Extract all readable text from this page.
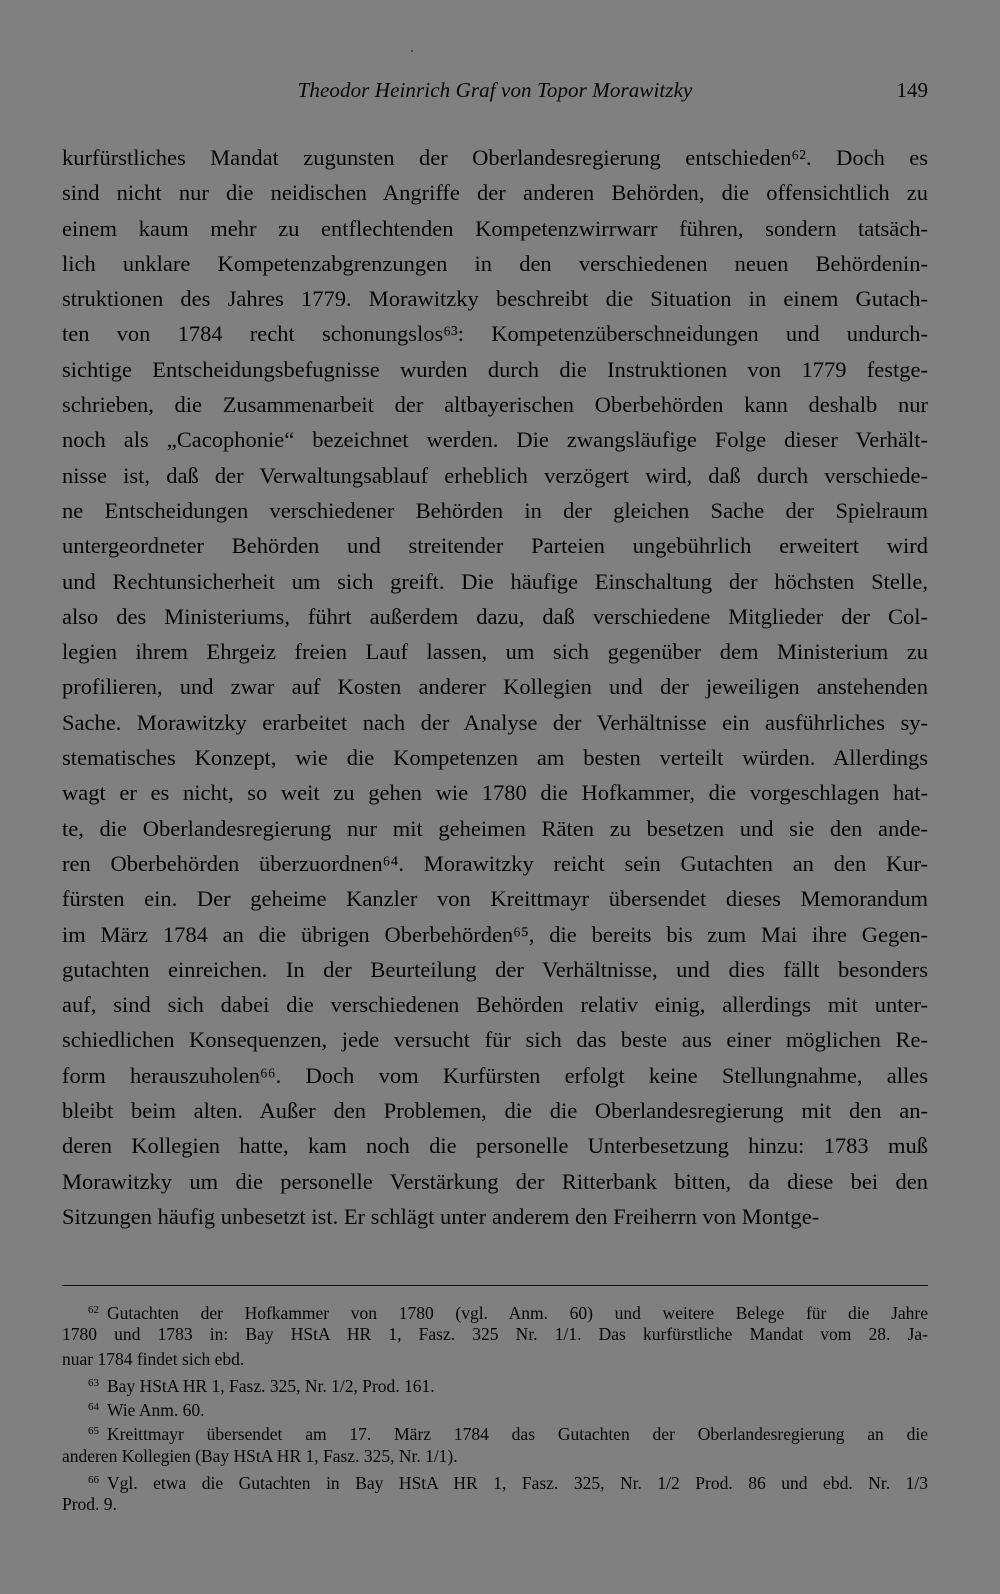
Theodor Heinrich Graf von Topor Morawitzky	149
kurfürstliches Mandat zugunsten der Oberlandesregierung entschieden⁶². Doch es
sind nicht nur die neidischen Angriffe der anderen Behörden, die offensichtlich zu
einem kaum mehr zu entflechtenden Kompetenzwirrwarr führen, sondern tatsäch-
lich unklare Kompetenzabgrenzungen in den verschiedenen neuen Behördenin-
struktionen des Jahres 1779. Morawitzky beschreibt die Situation in einem Gutach-
ten von 1784 recht schonungslos⁶³: Kompetenzüberschneidungen und undurch-
sichtige Entscheidungsbefugnisse wurden durch die Instruktionen von 1779 festge-
schrieben, die Zusammenarbeit der altbayerischen Oberbehörden kann deshalb nur
noch als „Cacophonie“ bezeichnet werden. Die zwangsläufige Folge dieser Verhält-
nisse ist, daß der Verwaltungsablauf erheblich verzögert wird, daß durch verschiede-
ne Entscheidungen verschiedener Behörden in der gleichen Sache der Spielraum
untergeordneter Behörden und streitender Parteien ungebührlich erweitert wird
und Rechtunsicherheit um sich greift. Die häufige Einschaltung der höchsten Stelle,
also des Ministeriums, führt außerdem dazu, daß verschiedene Mitglieder der Col-
legien ihrem Ehrgeiz freien Lauf lassen, um sich gegenüber dem Ministerium zu
profilieren, und zwar auf Kosten anderer Kollegien und der jeweiligen anstehenden
Sache. Morawitzky erarbeitet nach der Analyse der Verhältnisse ein ausführliches sy-
stematisches Konzept, wie die Kompetenzen am besten verteilt würden. Allerdings
wagt er es nicht, so weit zu gehen wie 1780 die Hofkammer, die vorgeschlagen hat-
te, die Oberlandesregierung nur mit geheimen Räten zu besetzen und sie den ande-
ren Oberbehörden überzuordnen⁶⁴. Morawitzky reicht sein Gutachten an den Kur-
fürsten ein. Der geheime Kanzler von Kreittmayr übersendet dieses Memorandum
im März 1784 an die übrigen Oberbehörden⁶⁵, die bereits bis zum Mai ihre Gegen-
gutachten einreichen. In der Beurteilung der Verhältnisse, und dies fällt besonders
auf, sind sich dabei die verschiedenen Behörden relativ einig, allerdings mit unter-
schiedlichen Konsequenzen, jede versucht für sich das beste aus einer möglichen Re-
form herauszuholen⁶⁶. Doch vom Kurfürsten erfolgt keine Stellungnahme, alles
bleibt beim alten. Außer den Problemen, die die Oberlandesregierung mit den an-
deren Kollegien hatte, kam noch die personelle Unterbesetzung hinzu: 1783 muß
Morawitzky um die personelle Verstärkung der Ritterbank bitten, da diese bei den
Sitzungen häufig unbesetzt ist. Er schlägt unter anderem den Freiherrn von Montge-
$^{62}$ Gutachten der Hofkammer von 1780 (vgl. Anm. 60) und weitere Belege für die Jahre
1780 und 1783 in: Bay HStA HR 1, Fasz. 325 Nr. 1/1. Das kurfürstliche Mandat vom 28. Ja-
nuar 1784 findet sich ebd.
$^{63}$ Bay HStA HR 1, Fasz. 325, Nr. 1/2, Prod. 161.
$^{64}$ Wie Anm. 60.
$^{65}$ Kreittmayr übersendet am 17. März 1784 das Gutachten der Oberlandesregierung an die
anderen Kollegien (Bay HStA HR 1, Fasz. 325, Nr. 1/1).
$^{66}$ Vgl. etwa die Gutachten in Bay HStA HR 1, Fasz. 325, Nr. 1/2 Prod. 86 und ebd. Nr. 1/3
Prod. 9.
